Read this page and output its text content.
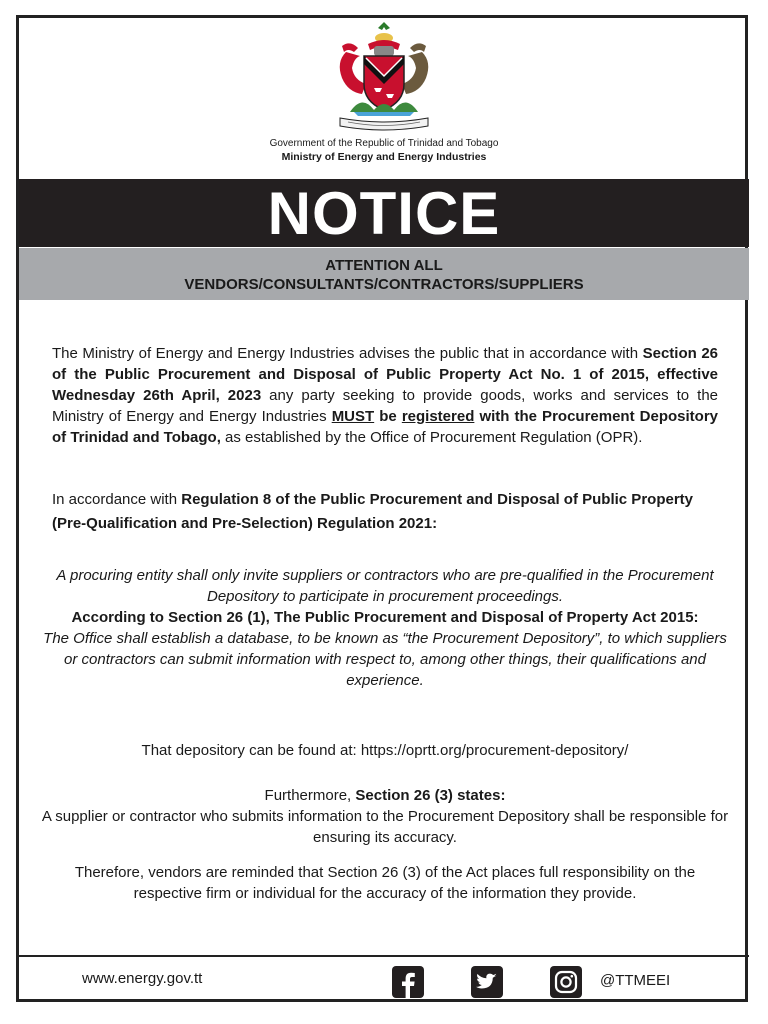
Government of the Republic of Trinidad and Tobago
Ministry of Energy and Energy Industries
NOTICE
ATTENTION ALL
VENDORS/CONSULTANTS/CONTRACTORS/SUPPLIERS
The Ministry of Energy and Energy Industries advises the public that in accordance with Section 26 of the Public Procurement and Disposal of Public Property Act No. 1 of 2015, effective Wednesday 26th April, 2023 any party seeking to provide goods, works and services to the Ministry of Energy and Energy Industries MUST be registered with the Procurement Depository of Trinidad and Tobago, as established by the Office of Procurement Regulation (OPR).
In accordance with Regulation 8 of the Public Procurement and Disposal of Public Property (Pre-Qualification and Pre-Selection) Regulation 2021:
A procuring entity shall only invite suppliers or contractors who are pre-qualified in the Procurement Depository to participate in procurement proceedings.
According to Section 26 (1), The Public Procurement and Disposal of Property Act 2015:
The Office shall establish a database, to be known as “the Procurement Depository”, to which suppliers or contractors can submit information with respect to, among other things, their qualifications and experience.
That depository can be found at: https://oprtt.org/procurement-depository/
Furthermore, Section 26 (3) states:
A supplier or contractor who submits information to the Procurement Depository shall be responsible for ensuring its accuracy.
Therefore, vendors are reminded that Section 26 (3) of the Act places full responsibility on the respective firm or individual for the accuracy of the information they provide.
www.energy.gov.tt	@TTMEEI
